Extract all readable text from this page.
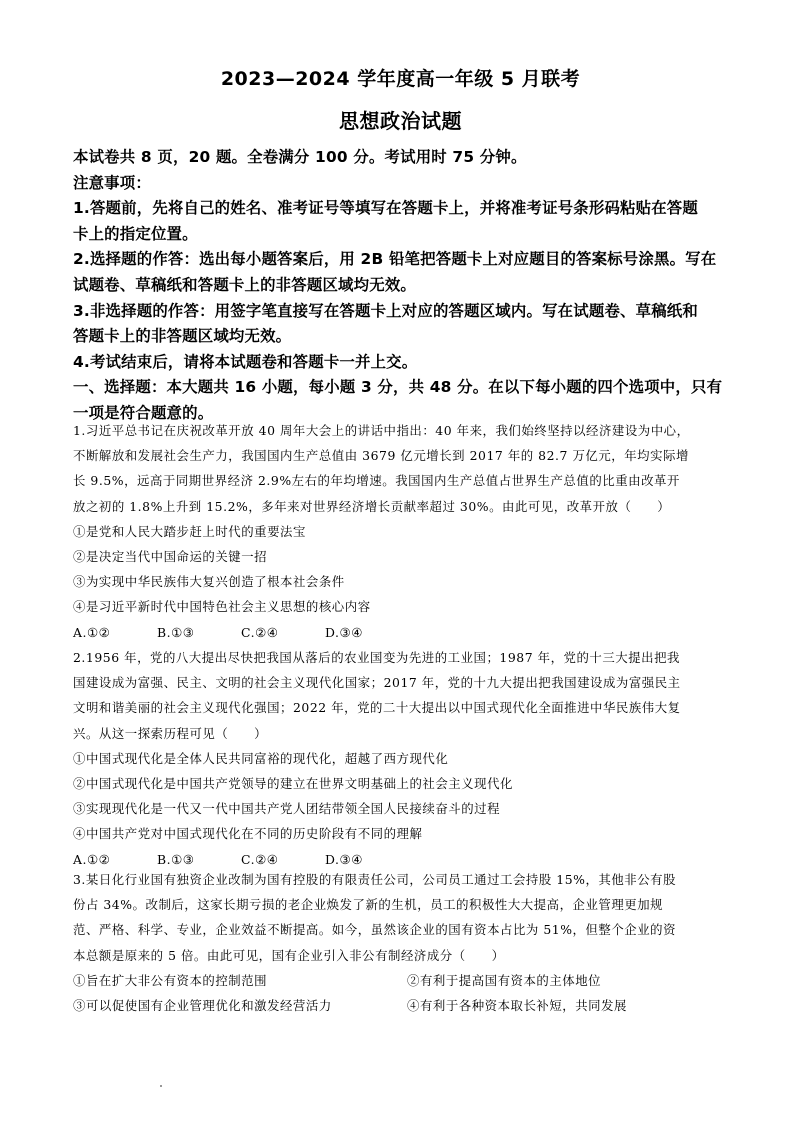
2023—2024 学年度高一年级 5 月联考
思想政治试题

本试卷共 8 页，20 题。全卷满分 100 分。考试用时 75 分钟。

注意事项：

1.答题前，先将自己的姓名、准考证号等填写在答题卡上，并将准考证号条形码粘贴在答题

卡上的指定位置。

2.选择题的作答：选出每小题答案后，用 2B 铅笔把答题卡上对应题目的答案标号涂黑。写在

试题卷、草稿纸和答题卡上的非答题区域均无效。

3.非选择题的作答：用签字笔直接写在答题卡上对应的答题区域内。写在试题卷、草稿纸和

答题卡上的非答题区域均无效。

4.考试结束后，请将本试题卷和答题卡一并上交。

一、选择题：本大题共 16 小题，每小题 3 分，共 48 分。在以下每小题的四个选项中，只有

一项是符合题意的。

1.习近平总书记在庆祝改革开放 40 周年大会上的讲话中指出：40 年来，我们始终坚持以经济建设为中心，

不断解放和发展社会生产力，我国国内生产总值由 3679 亿元增长到 2017 年的 82.7 万亿元，年均实际增

长 9.5%，远高于同期世界经济 2.9%左右的年均增速。我国国内生产总值占世界生产总值的比重由改革开

放之初的 1.8%上升到 15.2%，多年来对世界经济增长贡献率超过 30%。由此可见，改革开放（　　）

①是党和人民大踏步赶上时代的重要法宝

②是决定当代中国命运的关键一招

③为实现中华民族伟大复兴创造了根本社会条件

④是习近平新时代中国特色社会主义思想的核心内容

A.①②	B.①③	C.②④	D.③④

2.1956 年，党的八大提出尽快把我国从落后的农业国变为先进的工业国；1987 年，党的十三大提出把我

国建设成为富强、民主、文明的社会主义现代化国家；2017 年，党的十九大提出把我国建设成为富强民主

文明和谐美丽的社会主义现代化强国；2022 年，党的二十大提出以中国式现代化全面推进中华民族伟大复

兴。从这一探索历程可见（　　）

①中国式现代化是全体人民共同富裕的现代化，超越了西方现代化

②中国式现代化是中国共产党领导的建立在世界文明基础上的社会主义现代化

③实现现代化是一代又一代中国共产党人团结带领全国人民接续奋斗的过程

④中国共产党对中国式现代化在不同的历史阶段有不同的理解

A.①②	B.①③	C.②④	D.③④

3.某日化行业国有独资企业改制为国有控股的有限责任公司，公司员工通过工会持股 15%，其他非公有股

份占 34%。改制后，这家长期亏损的老企业焕发了新的生机，员工的积极性大大提高，企业管理更加规

范、严格、科学、专业，企业效益不断提高。如今，虽然该企业的国有资本占比为 51%，但整个企业的资

本总额是原来的 5 倍。由此可见，国有企业引入非公有制经济成分（　　）

①旨在扩大非公有资本的控制范围	②有利于提高国有资本的主体地位
③可以促使国有企业管理优化和激发经营活力	④有利于各种资本取长补短，共同发展
